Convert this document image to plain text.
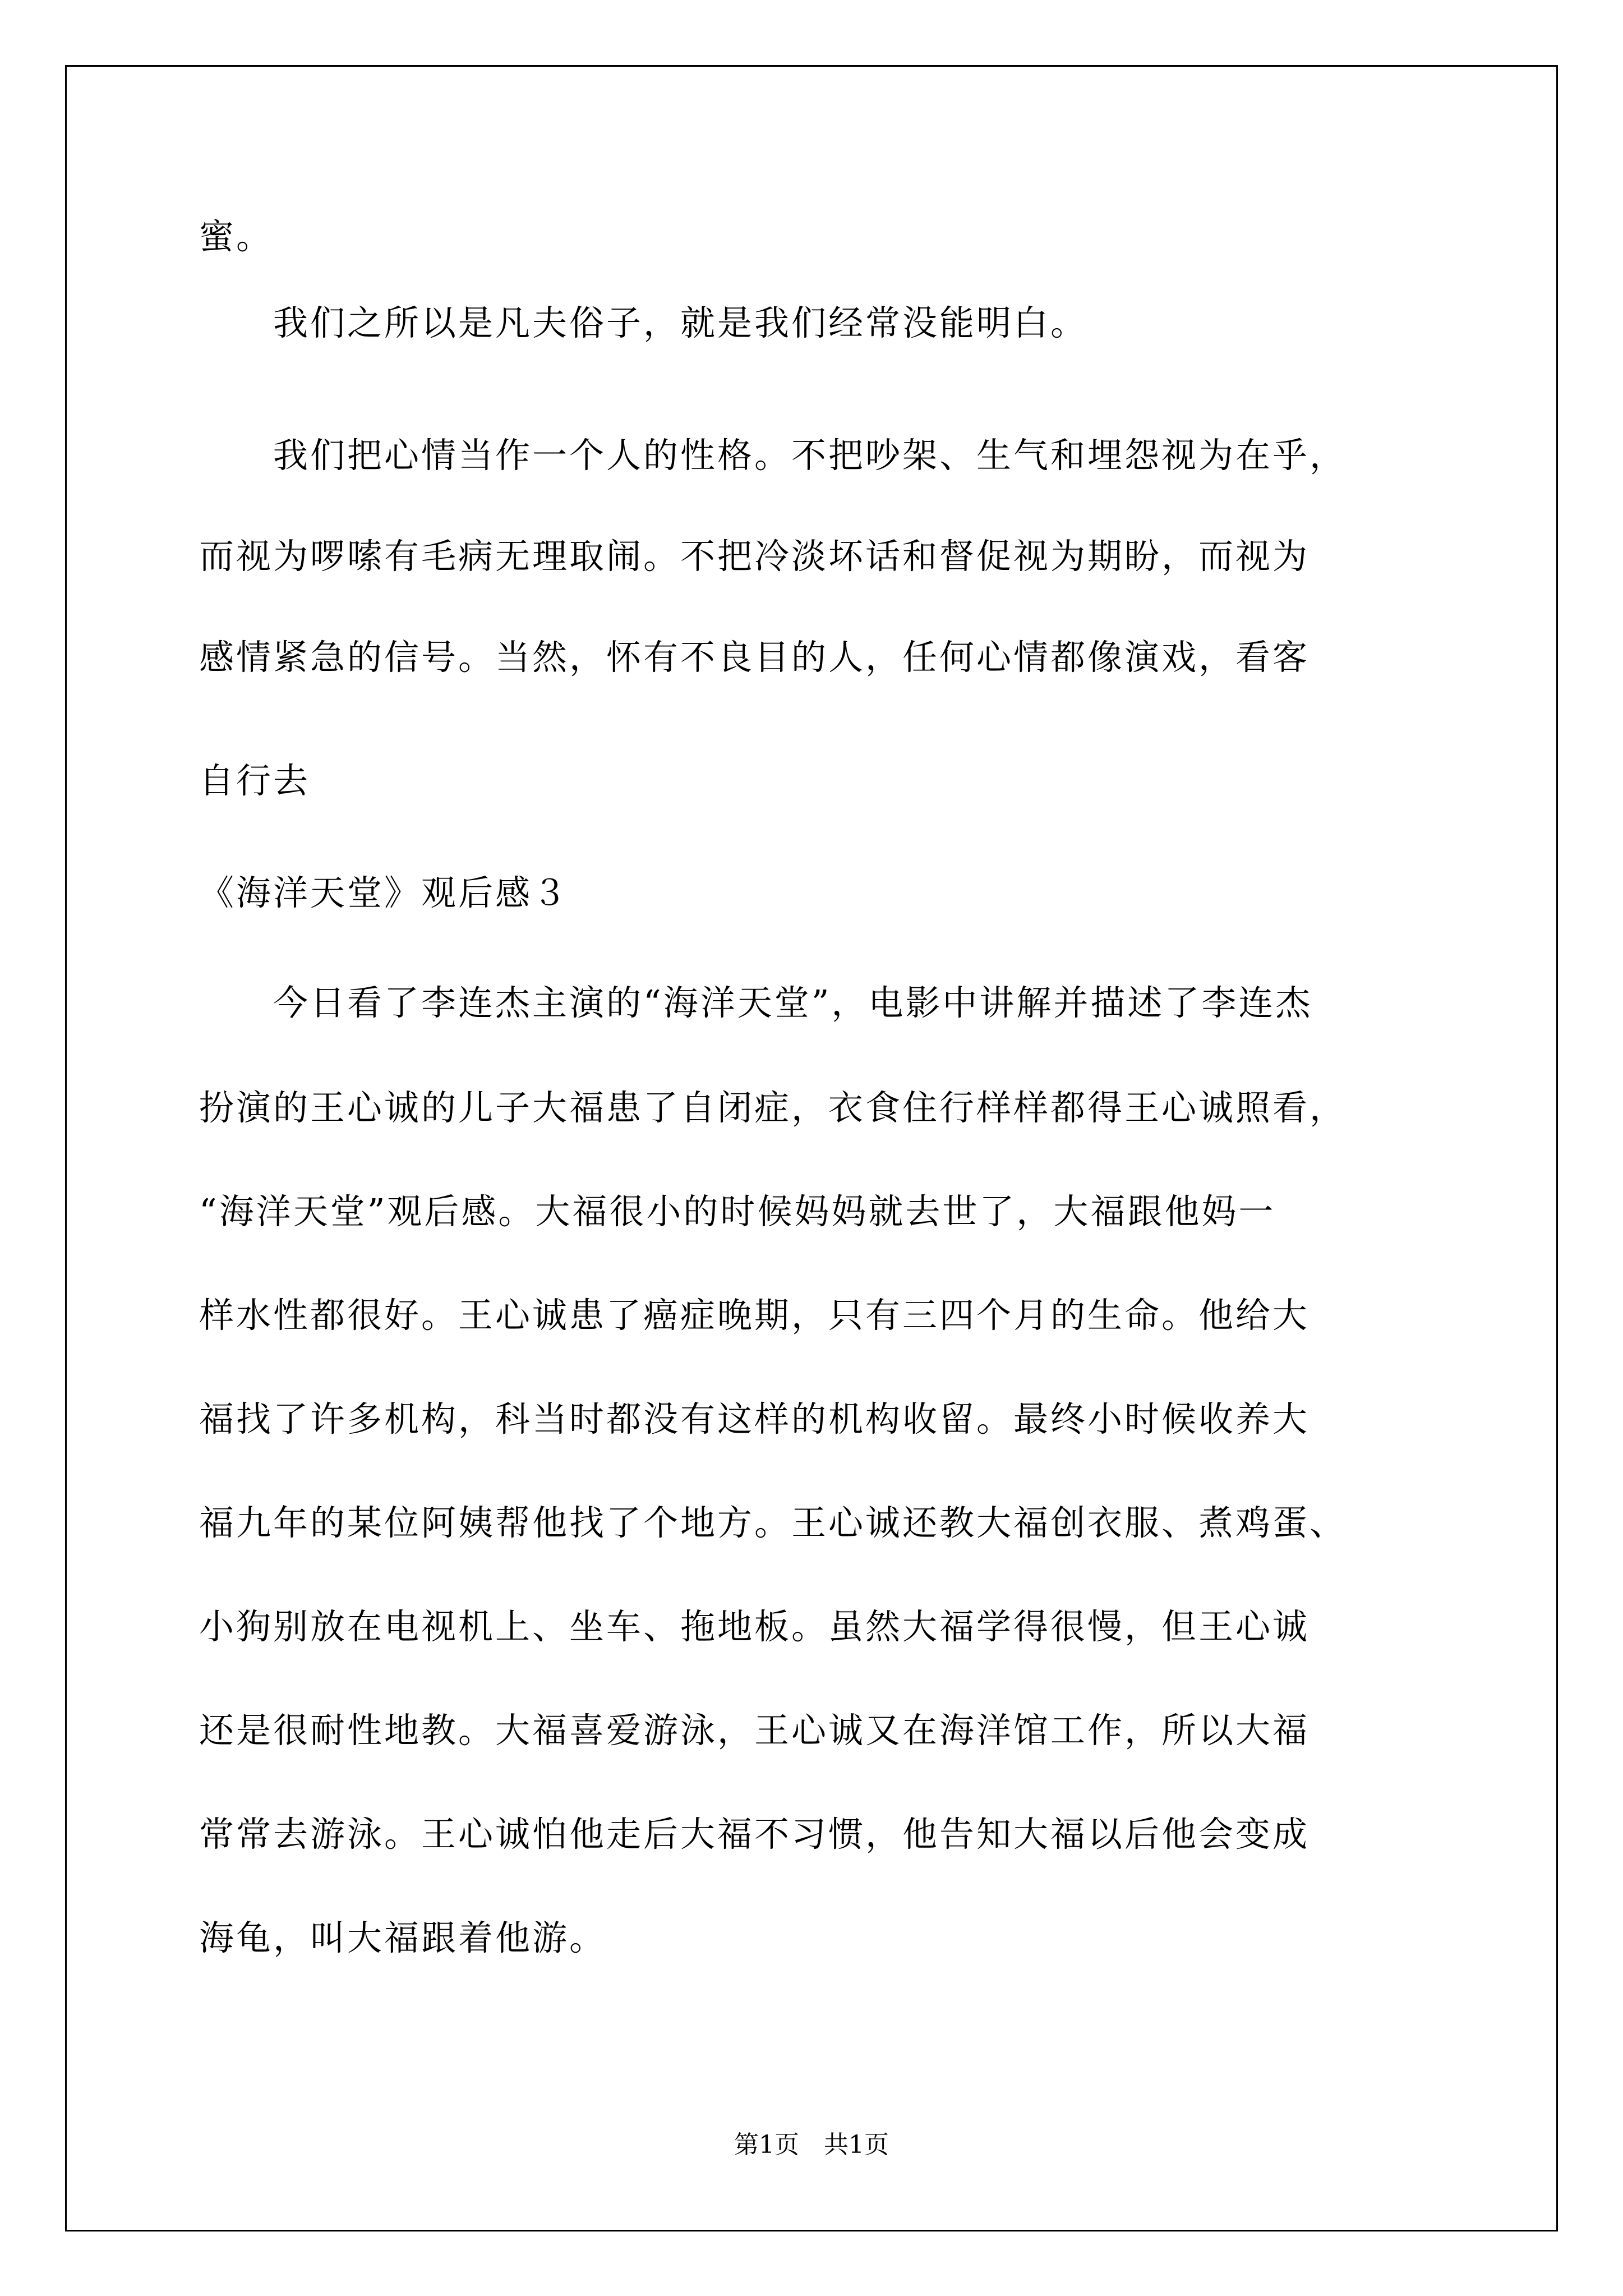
蜜。
　　我们之所以是凡夫俗子，就是我们经常没能明白。
　　我们把心情当作一个人的性格。不把吵架、生气和埋怨视为在乎，
而视为啰嗦有毛病无理取闹。不把冷淡坏话和督促视为期盼，而视为
感情紧急的信号。当然，怀有不良目的人，任何心情都像演戏，看客
自行去
《海洋天堂》观后感３
　　今日看了李连杰主演的“海洋天堂”，电影中讲解并描述了李连杰
扮演的王心诚的儿子大福患了自闭症，衣食住行样样都得王心诚照看，
“海洋天堂”观后感。大福很小的时候妈妈就去世了，大福跟他妈一
样水性都很好。王心诚患了癌症晚期，只有三四个月的生命。他给大
福找了许多机构，科当时都没有这样的机构收留。最终小时候收养大
福九年的某位阿姨帮他找了个地方。王心诚还教大福创衣服、煮鸡蛋、
小狗别放在电视机上、坐车、拖地板。虽然大福学得很慢，但王心诚
还是很耐性地教。大福喜爱游泳，王心诚又在海洋馆工作，所以大福
常常去游泳。王心诚怕他走后大福不习惯，他告知大福以后他会变成
海龟，叫大福跟着他游。
第1页　共1页
